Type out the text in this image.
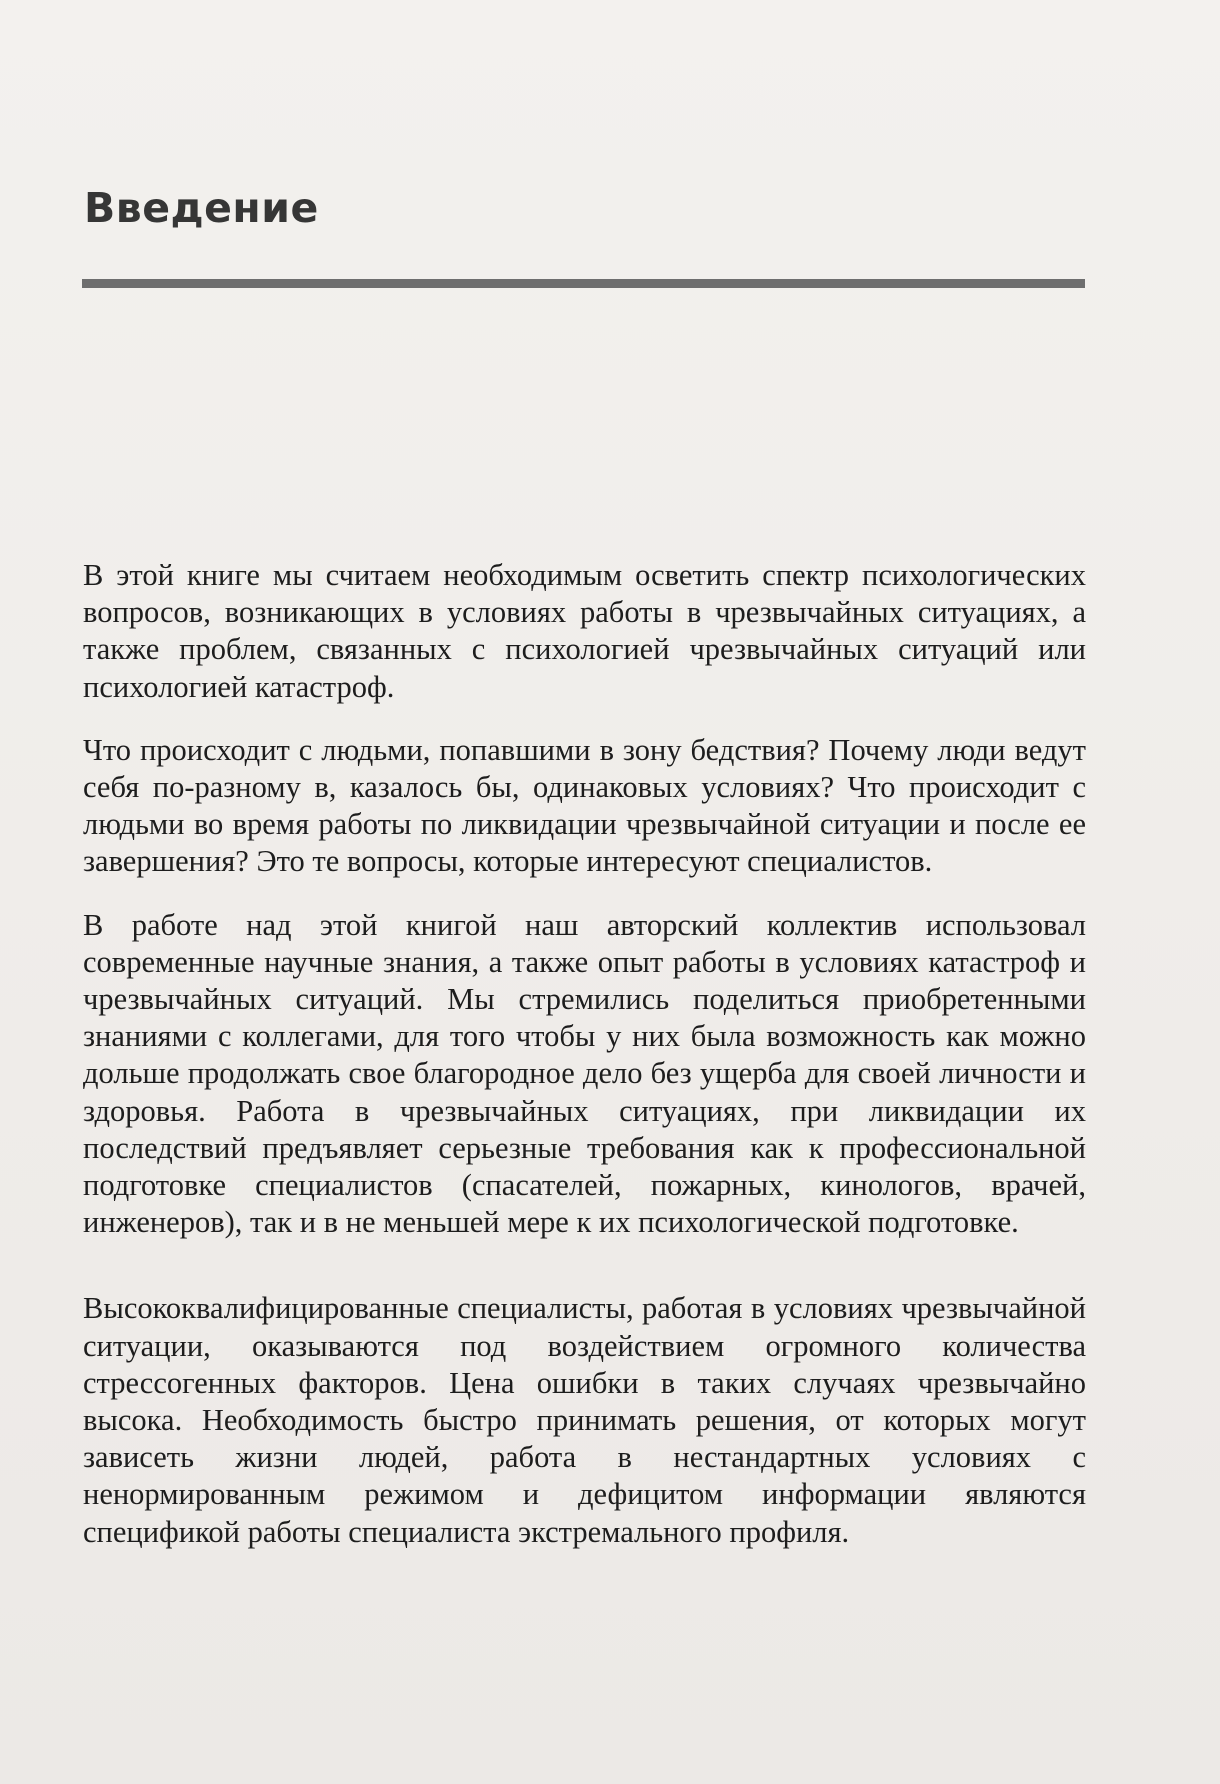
Введение

В этой книге мы считаем необходимым осветить спектр психологических вопросов, возникающих в условиях работы в чрезвычайных ситуациях, а также проблем, связанных с психологией чрезвычайных ситуаций или психологией катастроф.

Что происходит с людьми, попавшими в зону бедствия? Почему люди ведут себя по-разному в, казалось бы, одинаковых условиях? Что происходит с людьми во время работы по ликвидации чрезвычайной ситуации и после ее завершения? Это те вопросы, которые интересуют специалистов.

В работе над этой книгой наш авторский коллектив использовал современные научные знания, а также опыт работы в условиях катастроф и чрезвычайных ситуаций. Мы стремились поделиться приобретенными знаниями с коллегами, для того чтобы у них была возможность как можно дольше продолжать свое благородное дело без ущерба для своей личности и здоровья. Работа в чрезвычайных ситуациях, при ликвидации их последствий предъявляет серьезные требования как к профессиональной подготовке специалистов (спасателей, пожарных, кинологов, врачей, инженеров), так и в не меньшей мере к их психологической подготовке.

Высококвалифицированные специалисты, работая в условиях чрезвычайной ситуации, оказываются под воздействием огромного количества стрессогенных факторов. Цена ошибки в таких случаях чрезвычайно высока. Необходимость быстро принимать решения, от которых могут зависеть жизни людей, работа в нестандартных условиях с ненормированным режимом и дефицитом информации являются спецификой работы специалиста экстремального профиля.
